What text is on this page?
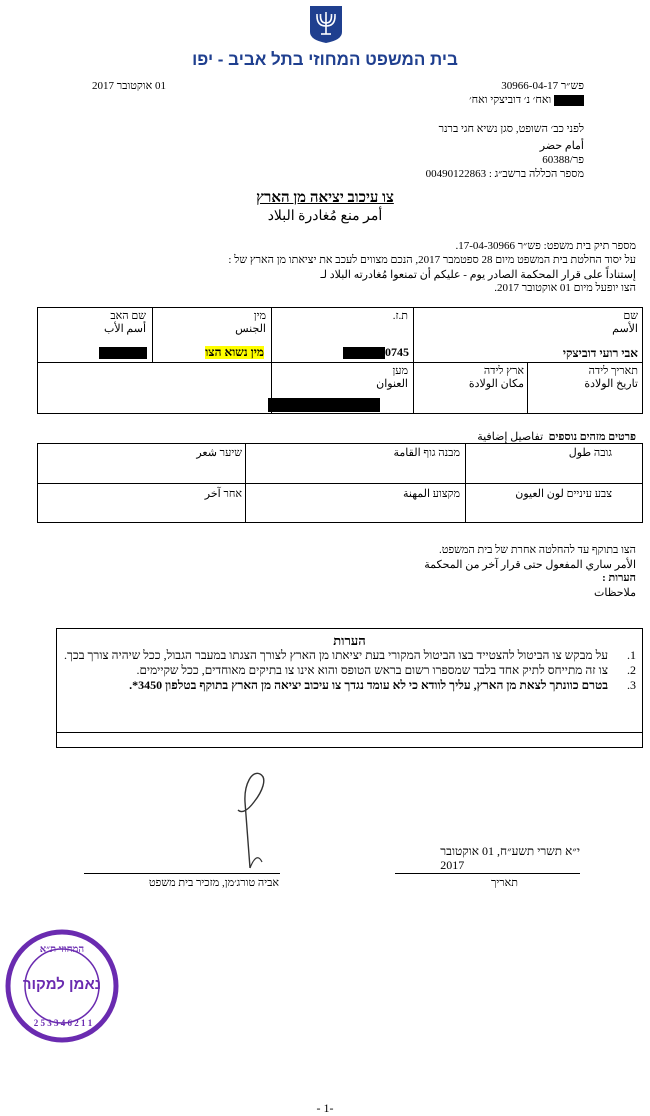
בית המשפט המחוזי בתל אביב - יפו
פש״ר 30966-04-17
01 אוקטובר 2017
ואח׳ נ׳ דוביצקי ואח׳
לפני כב׳ השופט, סגן נשיא חגי ברנר
أمام حضر
פר/60388
מספר הכללה ברשב״ג : 00490122863
צו עיכוב יציאה מן הארץ
أمر منع مُغادرة البلاد
מספר תיק בית משפט: פש״ר 17-04-30966.
על יסוד החלטת בית המשפט מיום 28 ספטמבר 2017, הנכם מצווים לעכב את יציאתו מן הארץ של :
إستناداً على قرار المحكمة الصادر يوم - عليكم أن تمنعوا مُغادرته البلاد لـ
הצו יופעל מיום 01 אוקטובר 2017.
שם
الأسم
ת.ז.
מין
الجنس
שם האב
أسم الأب
אבי רועי דוביצקי
0745
מין נשוא הצו
תאריך לידה
تاريخ الولادة
ארץ לידה
مكان الولادة
מען
العنوان
פרטים מזהים נוספים  تفاصيل إضافية
גובה طول
מבנה גוף القامة
שיער شعر
צבע עיניים لون العيون
מקצוע المهنة
אחר آخر
הצו בתוקף עד להחלטה אחרת של בית המשפט.
الأمر ساري المفعول حتى قرار آخر من المحكمة
הערות :
ملاحظات
הערות
1.
על מבקש צו הביטול להצטייד בצו הביטול המקורי בעת יציאתו מן הארץ לצורך הצגתו במעבר הגבול, ככל שיהיה צורך בכך.
2.
צו זה מתייחס לתיק אחד בלבד שמספרו רשום בראש הטופס והוא אינו צו בתיקים מאוחדים, ככל שקיימים.
3.
בטרם כוונתך לצאת מן הארץ, עליך לוודא כי לא עומד נגדך צו עיכוב יציאה מן הארץ בתוקף בטלפון 3450*.
אביה טורג׳מן, מזכיר בית משפט
י״א תשרי תשע״ח, 01 אוקטובר
2017
תאריך
המחוזי ת״א
נאמן למקור
2 5 3 3 4 6 2 1 1
-1 -
